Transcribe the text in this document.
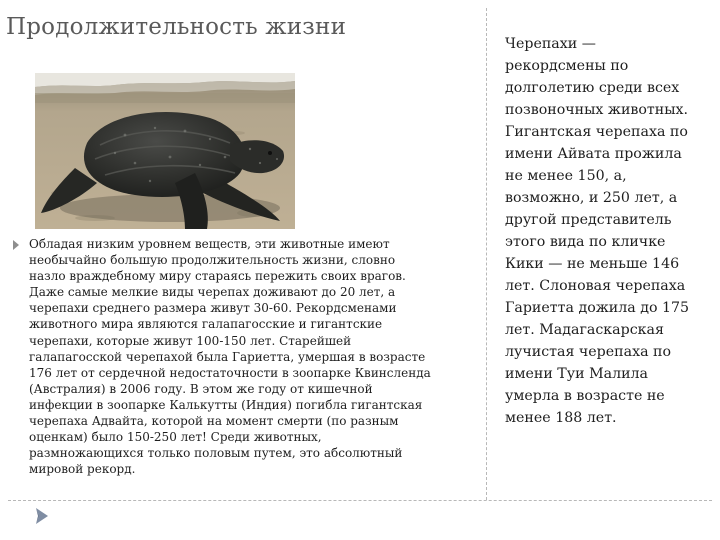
Продолжительность жизни
Обладая низким уровнем веществ, эти животные имеют
необычайно большую продолжительность жизни, словно
назло враждебному миру стараясь пережить своих врагов.
Даже самые мелкие виды черепах доживают до 20 лет, а
черепахи среднего размера живут 30-60. Рекордсменами
животного мира являются галапагосские и гигантские
черепахи, которые живут 100-150 лет. Старейшей
галапагосской черепахой была Гариетта, умершая в возрасте
176 лет от сердечной недостаточности в зоопарке Квинсленда
(Австралия) в 2006 году. В этом же году от кишечной
инфекции в зоопарке Калькутты (Индия) погибла гигантская
черепаха Адвайта, которой на момент смерти (по разным
оценкам) было 150-250 лет! Среди животных,
размножающихся только половым путем, это абсолютный
мировой рекорд.
Черепахи —
рекордсмены по
долголетию среди всех
позвоночных животных.
Гигантская черепаха по
имени Айвата прожила
не менее 150, а,
возможно, и 250 лет, а
другой представитель
этого вида по кличке
Кики — не меньше 146
лет. Слоновая черепаха
Гариетта дожила до 175
лет. Мадагаскарская
лучистая черепаха по
имени Туи Малила
умерла в возрасте не
менее 188 лет.
